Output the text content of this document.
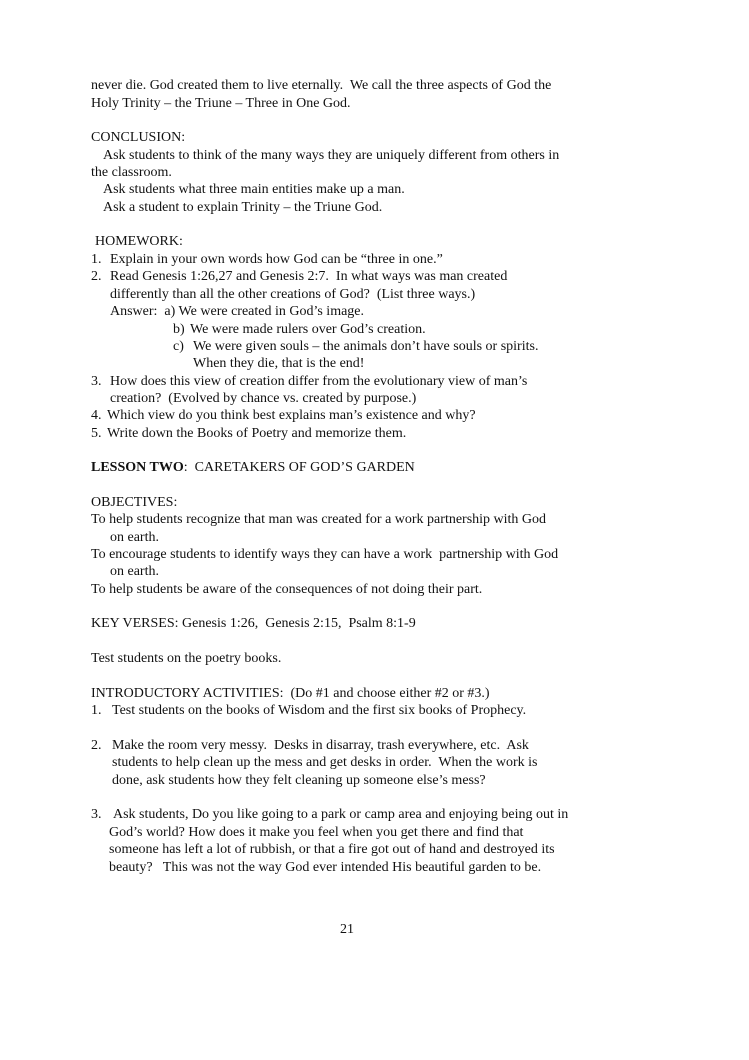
never die. God created them to live eternally.  We call the three aspects of God the
Holy Trinity – the Triune – Three in One God.
CONCLUSION:
Ask students to think of the many ways they are uniquely different from others in
the classroom.
Ask students what three main entities make up a man.
Ask a student to explain Trinity – the Triune God.
HOMEWORK:
1. Explain in your own words how God can be “three in one.”
2. Read Genesis 1:26,27 and Genesis 2:7.  In what ways was man created
differently than all the other creations of God?  (List three ways.)
Answer:  a) We were created in God’s image.
b) We were made rulers over God’s creation.
c) We were given souls – the animals don’t have souls or spirits.
When they die, that is the end!
3. How does this view of creation differ from the evolutionary view of man’s
creation?  (Evolved by chance vs. created by purpose.)
4. Which view do you think best explains man’s existence and why?
5. Write down the Books of Poetry and memorize them.
LESSON TWO:  CARETAKERS OF GOD’S GARDEN
OBJECTIVES:
To help students recognize that man was created for a work partnership with God
on earth.
To encourage students to identify ways they can have a work  partnership with God
on earth.
To help students be aware of the consequences of not doing their part.
KEY VERSES: Genesis 1:26,  Genesis 2:15,  Psalm 8:1-9
Test students on the poetry books.
INTRODUCTORY ACTIVITIES:  (Do #1 and choose either #2 or #3.)
1. Test students on the books of Wisdom and the first six books of Prophecy.
2. Make the room very messy.  Desks in disarray, trash everywhere, etc.  Ask
students to help clean up the mess and get desks in order.  When the work is
done, ask students how they felt cleaning up someone else’s mess?
3. Ask students, Do you like going to a park or camp area and enjoying being out in
God’s world? How does it make you feel when you get there and find that
someone has left a lot of rubbish, or that a fire got out of hand and destroyed its
beauty?   This was not the way God ever intended His beautiful garden to be.
21
